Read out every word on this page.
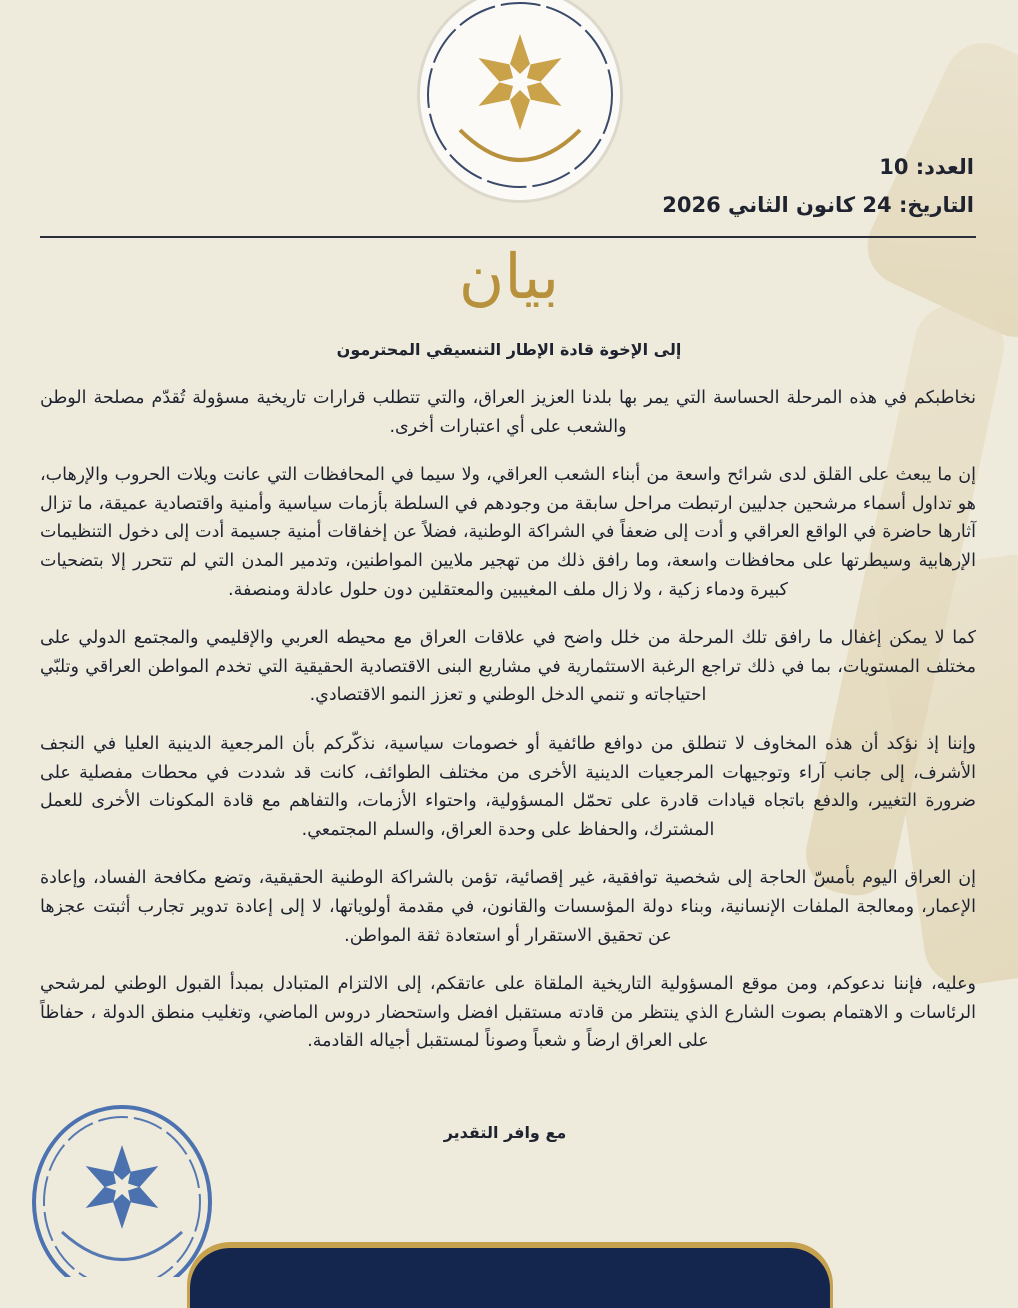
العدد: 10
التاريخ: 24 كانون الثاني 2026
بيان
إلى الإخوة قادة الإطار التنسيقي المحترمون

نخاطبكم في هذه المرحلة الحساسة التي يمر بها بلدنا العزيز العراق، والتي تتطلب قرارات تاريخية مسؤولة تُقدّم مصلحة الوطن والشعب على أي اعتبارات أخرى.

إن ما يبعث على القلق لدى شرائح واسعة من أبناء الشعب العراقي، ولا سيما في المحافظات التي عانت ويلات الحروب والإرهاب، هو تداول أسماء مرشحين جدليين ارتبطت مراحل سابقة من وجودهم في السلطة بأزمات سياسية وأمنية واقتصادية عميقة، ما تزال آثارها حاضرة في الواقع العراقي و أدت إلى ضعفاً في الشراكة الوطنية، فضلاً عن إخفاقات أمنية جسيمة أدت إلى دخول التنظيمات الإرهابية وسيطرتها على محافظات واسعة، وما رافق ذلك من تهجير ملايين المواطنين، وتدمير المدن التي لم تتحرر إلا بتضحيات كبيرة ودماء زكية ، ولا زال ملف المغيبين والمعتقلين دون حلول عادلة ومنصفة.

كما لا يمكن إغفال ما رافق تلك المرحلة من خلل واضح في علاقات العراق مع محيطه العربي والإقليمي والمجتمع الدولي على مختلف المستويات، بما في ذلك تراجع الرغبة الاستثمارية في مشاريع البنى الاقتصادية الحقيقية التي تخدم المواطن العراقي وتلبّي احتياجاته و تنمي الدخل الوطني و تعزز النمو الاقتصادي.

وإننا إذ نؤكد أن هذه المخاوف لا تنطلق من دوافع طائفية أو خصومات سياسية، نذكّركم بأن المرجعية الدينية العليا في النجف الأشرف، إلى جانب آراء وتوجيهات المرجعيات الدينية الأخرى من مختلف الطوائف، كانت قد شددت في محطات مفصلية على ضرورة التغيير، والدفع باتجاه قيادات قادرة على تحمّل المسؤولية، واحتواء الأزمات، والتفاهم مع قادة المكونات الأخرى للعمل المشترك، والحفاظ على وحدة العراق، والسلم المجتمعي.

إن العراق اليوم بأمسّ الحاجة إلى شخصية توافقية، غير إقصائية، تؤمن بالشراكة الوطنية الحقيقية، وتضع مكافحة الفساد، وإعادة الإعمار، ومعالجة الملفات الإنسانية، وبناء دولة المؤسسات والقانون، في مقدمة أولوياتها، لا إلى إعادة تدوير تجارب أثبتت عجزها عن تحقيق الاستقرار أو استعادة ثقة المواطن.

وعليه، فإننا ندعوكم، ومن موقع المسؤولية التاريخية الملقاة على عاتقكم، إلى الالتزام المتبادل بمبدأ القبول الوطني لمرشحي الرئاسات و الاهتمام بصوت الشارع الذي ينتظر من قادته مستقبل افضل واستحضار دروس الماضي، وتغليب منطق الدولة ، حفاظاً على العراق ارضاً و شعباً وصوناً لمستقبل أجياله القادمة.

مع وافر التقدير
